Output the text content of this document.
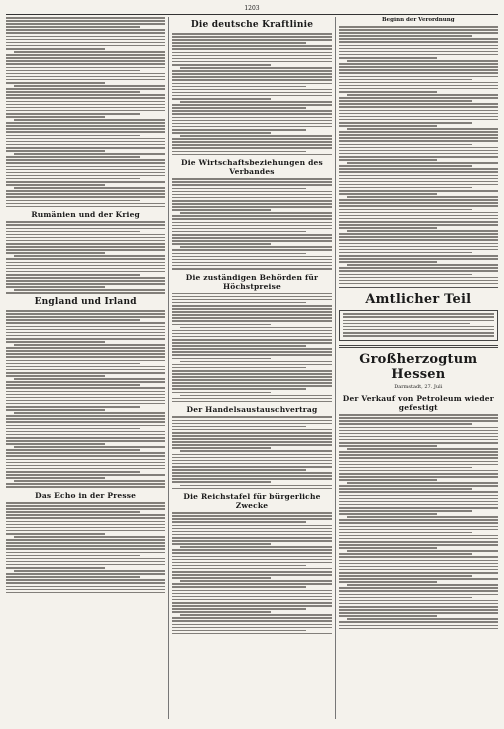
1203
Rumänien und der Krieg
England und Irland
Das Echo in der Presse
Die deutsche Kraftlinie
Die Wirtschaftsbeziehungen des Verbandes
Die zuständigen Behörden für Höchstpreise
Der Handelsaustauschvertrag
Die Reichstafel für bürgerliche Zwecke
Beginn der Verordnung
Amtlicher Teil
Großherzogtum Hessen
Darmstadt, 27. Juli
Der Verkauf von Petroleum wieder gefestigt
